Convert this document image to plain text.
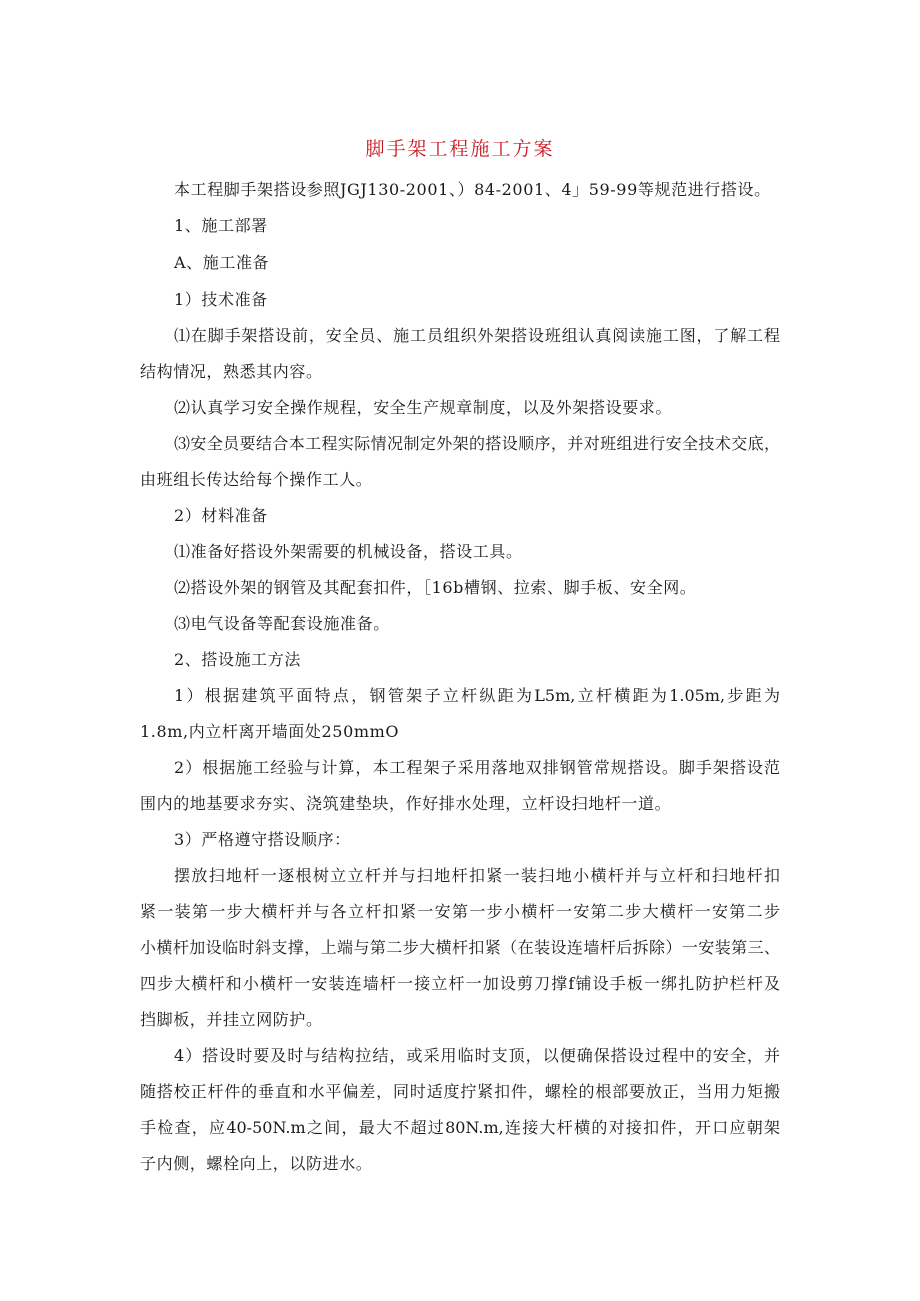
脚手架工程施工方案
本工程脚手架搭设参照JGJ130-2001、）84-2001、4」59-99等规范进行搭设。
1、施工部署
A、施工准备
1）技术准备
⑴在脚手架搭设前，安全员、施工员组织外架搭设班组认真阅读施工图，了解工程
结构情况，熟悉其内容。
⑵认真学习安全操作规程，安全生产规章制度，以及外架搭设要求。
⑶安全员要结合本工程实际情况制定外架的搭设顺序，并对班组进行安全技术交底，
由班组长传达给每个操作工人。
2）材料准备
⑴准备好搭设外架需要的机械设备，搭设工具。
⑵搭设外架的钢管及其配套扣件，［16b槽钢、拉索、脚手板、安全网。
⑶电气设备等配套设施准备。
2、搭设施工方法
1）根据建筑平面特点，钢管架子立杆纵距为L5m,立杆横距为1.05m,步距为
1.8m,内立杆离开墙面处250mmO
2）根据施工经验与计算，本工程架子采用落地双排钢管常规搭设。脚手架搭设范
围内的地基要求夯实、浇筑建垫块，作好排水处理，立杆设扫地杆一道。
3）严格遵守搭设顺序：
摆放扫地杆一逐根树立立杆并与扫地杆扣紧一装扫地小横杆并与立杆和扫地杆扣
紧一装第一步大横杆并与各立杆扣紧一安第一步小横杆一安第二步大横杆一安第二步
小横杆加设临时斜支撑，上端与第二步大横杆扣紧（在装设连墙杆后拆除）一安装第三、
四步大横杆和小横杆一安装连墙杆一接立杆一加设剪刀撑f铺设手板一绑扎防护栏杆及
挡脚板，并挂立网防护。
4）搭设时要及时与结构拉结，或采用临时支顶，以便确保搭设过程中的安全，并
随搭校正杆件的垂直和水平偏差，同时适度拧紧扣件，螺栓的根部要放正，当用力矩搬
手检查，应40-50N.m之间，最大不超过80N.m,连接大杆横的对接扣件，开口应朝架
子内侧，螺栓向上，以防进水。
